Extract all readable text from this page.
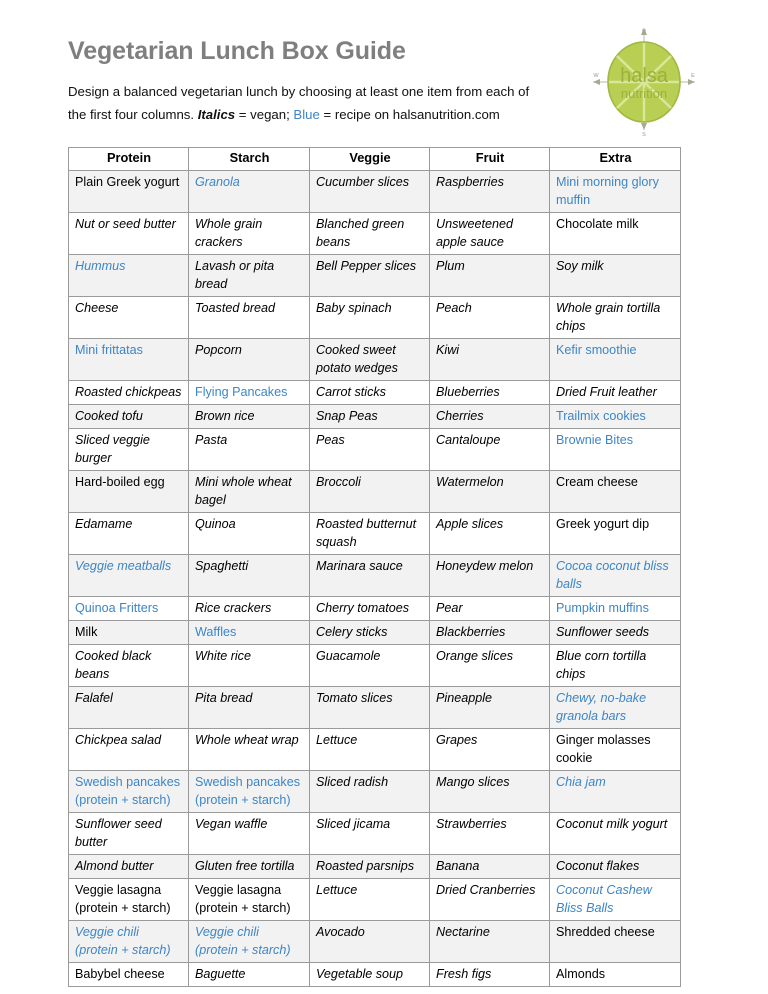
Vegetarian Lunch Box Guide

Design a balanced vegetarian lunch by choosing at least one item from each of
the first four columns. Italics = vegan; Blue = recipe on halsanutrition.com

N
S
W	E
halsa
nutrition
Protein	Starch	Veggie	Fruit	Extra

Plain Greek yogurt	Granola	Cucumber slices	Raspberries	Mini morning glory muffin

Nut or seed butter	Whole grain crackers	Blanched green beans	Unsweetened apple sauce	Chocolate milk

Hummus	Lavash or pita bread	Bell Pepper slices	Plum	Soy milk

Cheese	Toasted bread	Baby spinach	Peach	Whole grain tortilla chips

Mini frittatas	Popcorn	Cooked sweet potato wedges	Kiwi	Kefir smoothie

Roasted chickpeas	Flying Pancakes	Carrot sticks	Blueberries	Dried Fruit leather

Cooked tofu	Brown rice	Snap Peas	Cherries	Trailmix cookies

Sliced veggie burger	Pasta	Peas	Cantaloupe	Brownie Bites

Hard-boiled egg	Mini whole wheat bagel	Broccoli	Watermelon	Cream cheese

Edamame	Quinoa	Roasted butternut squash	Apple slices	Greek yogurt dip

Veggie meatballs	Spaghetti	Marinara sauce	Honeydew melon	Cocoa coconut bliss balls

Quinoa Fritters	Rice crackers	Cherry tomatoes	Pear	Pumpkin muffins

Milk	Waffles	Celery sticks	Blackberries	Sunflower seeds

Cooked black beans	White rice	Guacamole	Orange slices	Blue corn tortilla chips

Falafel	Pita bread	Tomato slices	Pineapple	Chewy, no-bake granola bars

Chickpea salad	Whole wheat wrap	Lettuce	Grapes	Ginger molasses cookie

Swedish pancakes (protein + starch)	Swedish pancakes (protein + starch)	Sliced radish	Mango slices	Chia jam

Sunflower seed butter	Vegan waffle	Sliced jicama	Strawberries	Coconut milk yogurt

Almond butter	Gluten free tortilla	Roasted parsnips	Banana	Coconut flakes

Veggie lasagna (protein + starch)	Veggie lasagna (protein + starch)	Lettuce	Dried Cranberries	Coconut Cashew Bliss Balls

Veggie chili (protein + starch)	Veggie chili (protein + starch)	Avocado	Nectarine	Shredded cheese

Babybel cheese	Baguette	Vegetable soup	Fresh figs	Almonds
